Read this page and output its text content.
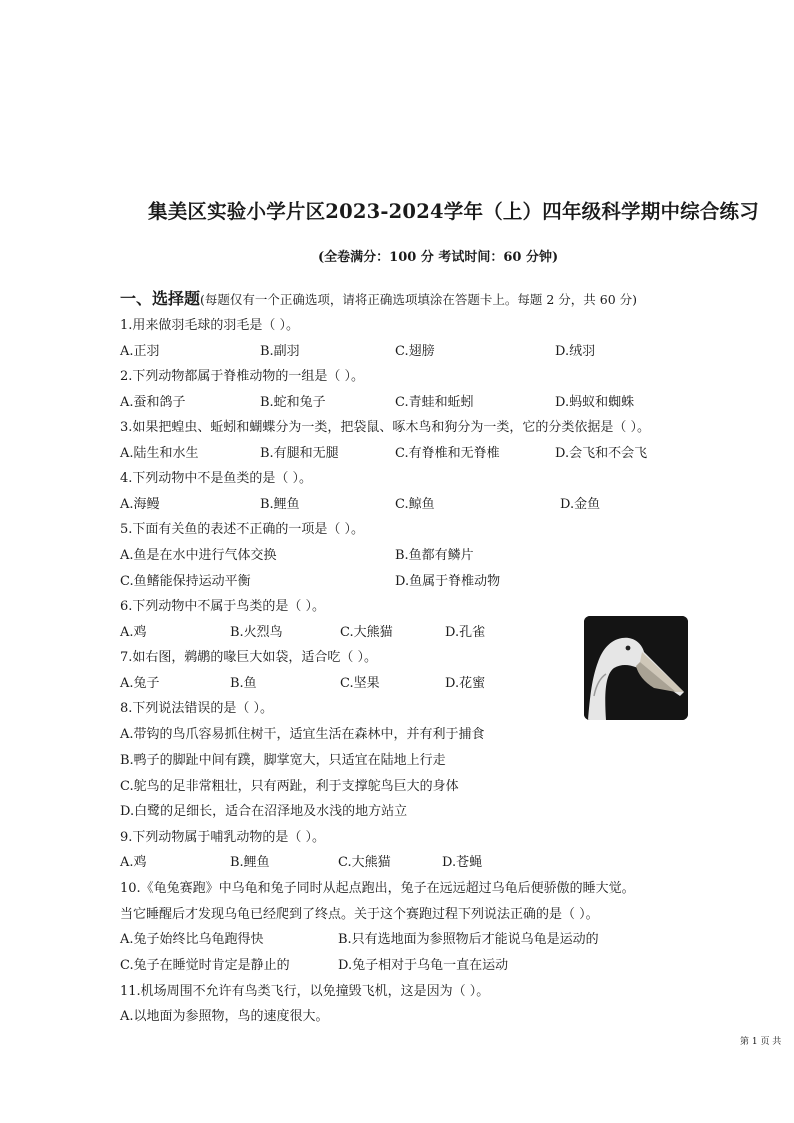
集美区实验小学片区2023-2024学年（上）四年级科学期中综合练习
(全卷满分：100 分 考试时间：60 分钟)
一、选择题(每题仅有一个正确选项，请将正确选项填涂在答题卡上。每题 2 分，共 60 分)
1.用来做羽毛球的羽毛是（ ）。
A.正羽	B.副羽	C.翅膀	D.绒羽
2.下列动物都属于脊椎动物的一组是（ ）。
A.蚕和鸽子	B.蛇和兔子	C.青蛙和蚯蚓	D.蚂蚁和蜘蛛
3.如果把蝗虫、蚯蚓和蝴蝶分为一类，把袋鼠、啄木鸟和狗分为一类，它的分类依据是（ ）。
A.陆生和水生	B.有腿和无腿	C.有脊椎和无脊椎	D.会飞和不会飞
4.下列动物中不是鱼类的是（ ）。
A.海鳗	B.鲤鱼	C.鲸鱼	D.金鱼
5.下面有关鱼的表述不正确的一项是（ ）。
A.鱼是在水中进行气体交换	B.鱼都有鳞片
C.鱼鳍能保持运动平衡	D.鱼属于脊椎动物
6.下列动物中不属于鸟类的是（ ）。
A.鸡	B.火烈鸟	C.大熊猫	D.孔雀
7.如右图，鹈鹕的喙巨大如袋，适合吃（ ）。
A.兔子	B.鱼	C.坚果	D.花蜜
8.下列说法错误的是（ ）。
A.带钩的鸟爪容易抓住树干，适宜生活在森林中，并有利于捕食
B.鸭子的脚趾中间有蹼，脚掌宽大，只适宜在陆地上行走
C.鸵鸟的足非常粗壮，只有两趾，利于支撑鸵鸟巨大的身体
D.白鹭的足细长，适合在沼泽地及水浅的地方站立
9.下列动物属于哺乳动物的是（ ）。
A.鸡	B.鲤鱼	C.大熊猫	D.苍蝇
10.《龟兔赛跑》中乌龟和兔子同时从起点跑出，兔子在远远超过乌龟后便骄傲的睡大觉。
当它睡醒后才发现乌龟已经爬到了终点。关于这个赛跑过程下列说法正确的是（ ）。
A.兔子始终比乌龟跑得快	B.只有选地面为参照物后才能说乌龟是运动的
C.兔子在睡觉时肯定是静止的	D.兔子相对于乌龟一直在运动
11.机场周围不允许有鸟类飞行，以免撞毁飞机，这是因为（ ）。
A.以地面为参照物，鸟的速度很大。
第 1 页 共
